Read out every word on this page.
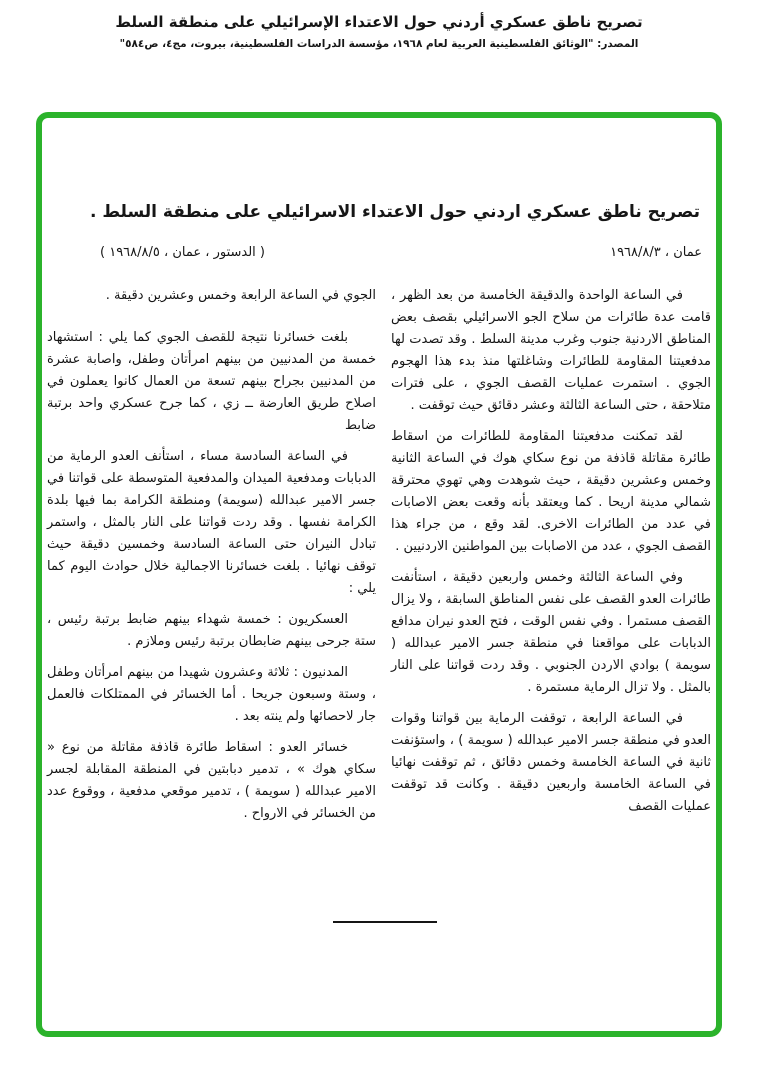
تصريح ناطق عسكري أردني حول الاعتداء الإسرائيلي على منطقة السلط
المصدر: "الوثائق الفلسطينية العربية لعام ١٩٦٨، مؤسسة الدراسات الفلسطينية، بيروت، مج٤، ص٥٨٤"
تصريح ناطق عسكري اردني حول الاعتداء الاسرائيلي على منطقة السلط .
عمان ، ١٩٦٨/٨/٣
( الدستور ، عمان ، ١٩٦٨/٨/٥ )

في الساعة الواحدة والدقيقة الخامسة من بعد الظهر ، قامت عدة طائرات من سلاح الجو الاسرائيلي بقصف بعض المناطق الاردنية جنوب وغرب مدينة السلط . وقد تصدت لها مدفعيتنا المقاومة للطائرات وشاغلتها منذ بدء هذا الهجوم الجوي . استمرت عمليات القصف الجوي ، على فترات متلاحقة ، حتى الساعة الثالثة وعشر دقائق حيث توقفت .

لقد تمكنت مدفعيتنا المقاومة للطائرات من اسقاط طائرة مقاتلة قاذفة من نوع سكاي هوك في الساعة الثانية وخمس وعشرين دقيقة ، حيث شوهدت وهي تهوي محترقة شمالي مدينة اريحا . كما ويعتقد بأنه وقعت بعض الاصابات في عدد من الطائرات الاخرى. لقد وقع ، من جراء هذا القصف الجوي ، عدد من الاصابات بين المواطنين الاردنيين .

وفي الساعة الثالثة وخمس واربعين دقيقة ، استأنفت طائرات العدو القصف على نفس المناطق السابقة ، ولا يزال القصف مستمرا . وفي نفس الوقت ، فتح العدو نيران مدافع الدبابات على مواقعنا في منطقة جسر الامير عبدالله ( سويمة ) بوادي الاردن الجنوبي . وقد ردت قواتنا على النار بالمثل . ولا تزال الرماية مستمرة .

في الساعة الرابعة ، توقفت الرماية بين قواتنا وقوات العدو في منطقة جسر الامير عبدالله ( سويمة ) ، واستؤنفت ثانية في الساعة الخامسة وخمس دقائق ، ثم توقفت نهائيا في الساعة الخامسة واربعين دقيقة . وكانت قد توقفت عمليات القصف

الجوي في الساعة الرابعة وخمس وعشرين دقيقة .

بلغت خسائرنا نتيجة للقصف الجوي كما يلي : استشهاد خمسة من المدنيين من بينهم امرأتان وطفل، واصابة عشرة من المدنيين بجراح بينهم تسعة من العمال كانوا يعملون في اصلاح طريق العارضة ــ زي ، كما جرح عسكري واحد برتبة ضابط

في الساعة السادسة مساء ، استأنف العدو الرماية من الدبابات ومدفعية الميدان والمدفعية المتوسطة على قواتنا في جسر الامير عبدالله (سويمة) ومنطقة الكرامة بما فيها بلدة الكرامة نفسها . وقد ردت قواتنا على النار بالمثل ، واستمر تبادل النيران حتى الساعة السادسة وخمسين دقيقة حيث توقف نهائيا . بلغت خسائرنا الاجمالية خلال حوادث اليوم كما يلي :

العسكريون : خمسة شهداء بينهم ضابط برتبة رئيس ، ستة جرحى بينهم ضابطان برتبة رئيس وملازم .

المدنيون : ثلاثة وعشرون شهيدا من بينهم امرأتان وطفل ، وستة وسبعون جريحا . أما الخسائر في الممتلكات فالعمل جار لاحصائها ولم ينته بعد .

خسائر العدو : اسقاط طائرة قاذفة مقاتلة من نوع « سكاي هوك » ، تدمير دبابتين في المنطقة المقابلة لجسر الامير عبدالله ( سويمة ) ، تدمير موقعي مدفعية ، ووقوع عدد من الخسائر في الارواح .
